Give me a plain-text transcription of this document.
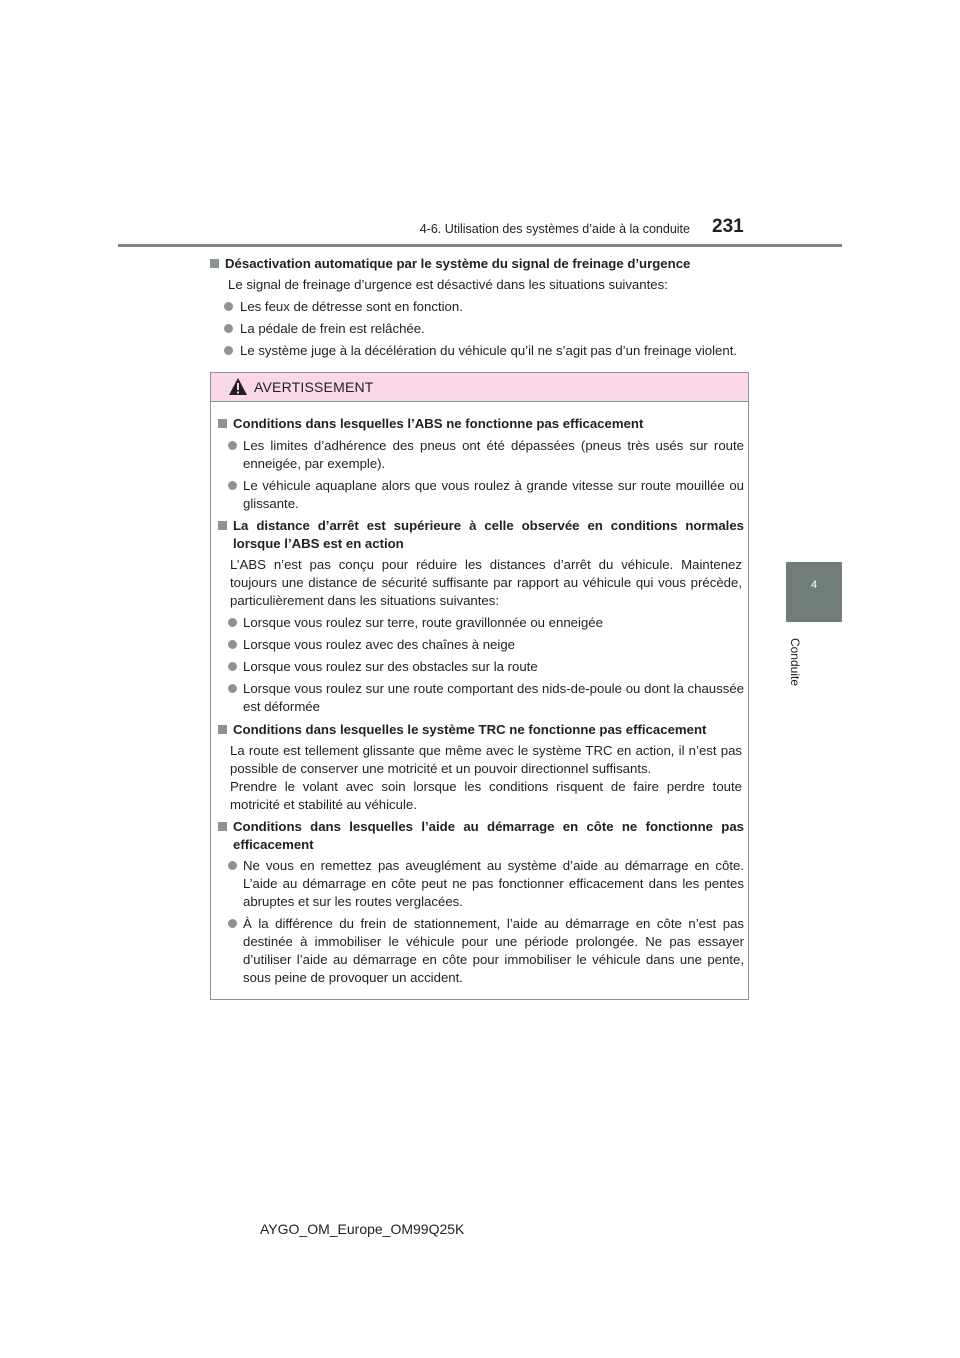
4-6. Utilisation des systèmes d’aide à la conduite 231
4
Conduite
Désactivation automatique par le système du signal de freinage d’urgence
Le signal de freinage d’urgence est désactivé dans les situations suivantes:
Les feux de détresse sont en fonction.
La pédale de frein est relâchée.
Le système juge à la décélération du véhicule qu’il ne s’agit pas d’un freinage violent.
AVERTISSEMENT
Conditions dans lesquelles l’ABS ne fonctionne pas efficacement
Les limites d’adhérence des pneus ont été dépassées (pneus très usés sur route enneigée, par exemple).
Le véhicule aquaplane alors que vous roulez à grande vitesse sur route mouillée ou glissante.
La distance d’arrêt est supérieure à celle observée en conditions normales lorsque l’ABS est en action
L’ABS n’est pas conçu pour réduire les distances d’arrêt du véhicule. Maintenez toujours une distance de sécurité suffisante par rapport au véhicule qui vous précède, particulièrement dans les situations suivantes:
Lorsque vous roulez sur terre, route gravillonnée ou enneigée
Lorsque vous roulez avec des chaînes à neige
Lorsque vous roulez sur des obstacles sur la route
Lorsque vous roulez sur une route comportant des nids-de-poule ou dont la chaussée est déformée
Conditions dans lesquelles le système TRC ne fonctionne pas efficacement
La route est tellement glissante que même avec le système TRC en action, il n’est pas possible de conserver une motricité et un pouvoir directionnel suffisants.
Prendre le volant avec soin lorsque les conditions risquent de faire perdre toute motricité et stabilité au véhicule.
Conditions dans lesquelles l’aide au démarrage en côte ne fonctionne pas efficacement
Ne vous en remettez pas aveuglément au système d’aide au démarrage en côte. L’aide au démarrage en côte peut ne pas fonctionner efficacement dans les pentes abruptes et sur les routes verglacées.
À la différence du frein de stationnement, l’aide au démarrage en côte n’est pas destinée à immobiliser le véhicule pour une période prolongée. Ne pas essayer d’utiliser l’aide au démarrage en côte pour immobiliser le véhicule dans une pente, sous peine de provoquer un accident.
AYGO_OM_Europe_OM99Q25K
